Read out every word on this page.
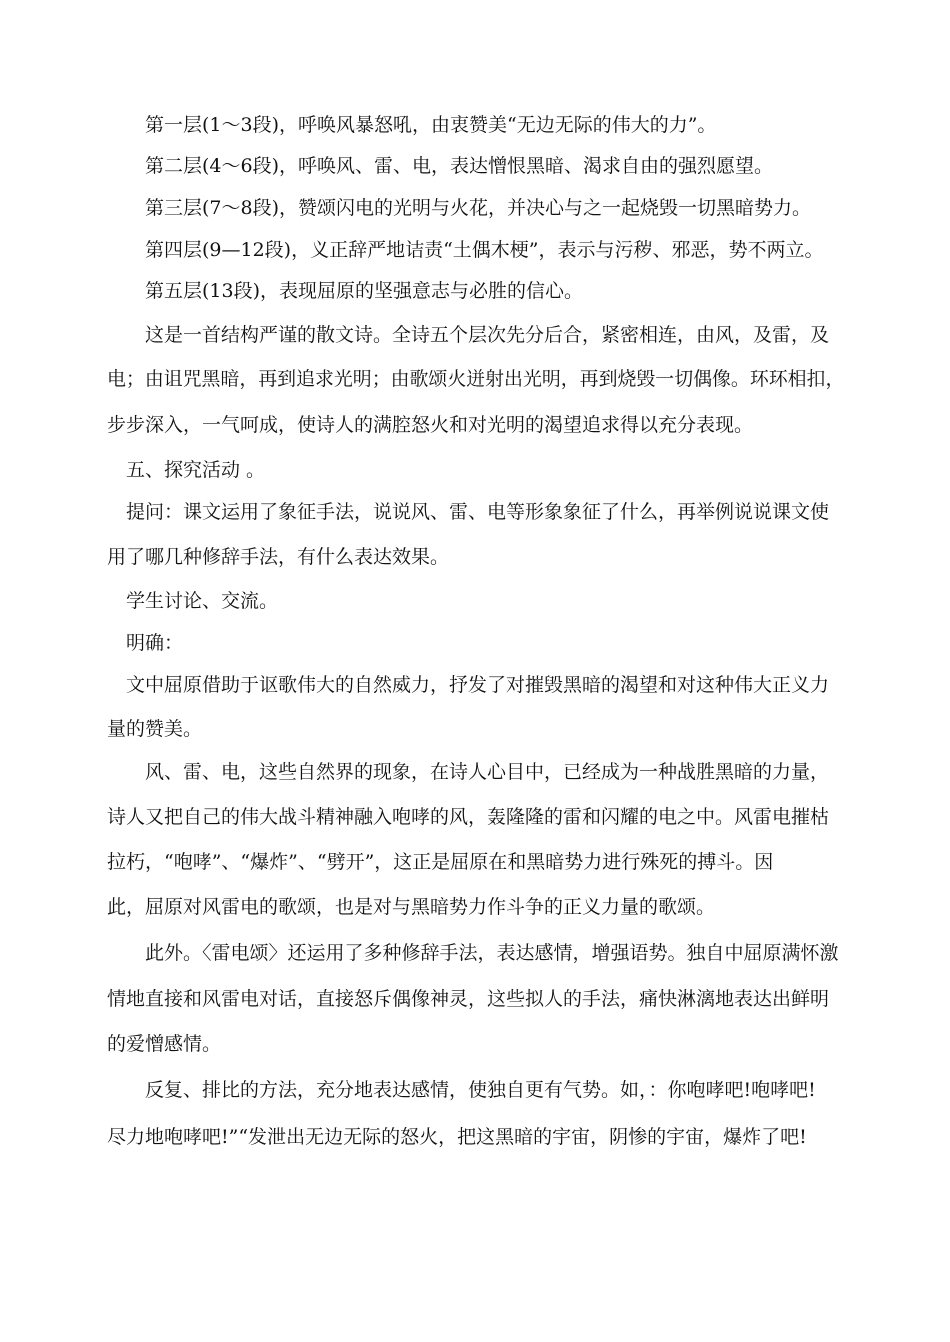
第一层(1～3段)，呼唤风暴怒吼，由衷赞美“无边无际的伟大的力”。
第二层(4～6段)，呼唤风、雷、电，表达憎恨黑暗、渴求自由的强烈愿望。
第三层(7～8段)，赞颂闪电的光明与火花，并决心与之一起烧毁一切黑暗势力。
第四层(9—12段)，义正辞严地诘责“土偶木梗”，表示与污秽、邪恶，势不两立。
第五层(13段)，表现屈原的坚强意志与必胜的信心。
这是一首结构严谨的散文诗。全诗五个层次先分后合，紧密相连，由风，及雷，及
电；由诅咒黑暗，再到追求光明；由歌颂火迸射出光明，再到烧毁一切偶像。环环相扣，
步步深入，一气呵成，使诗人的满腔怒火和对光明的渴望追求得以充分表现。
五、探究活动 。
提问：课文运用了象征手法，说说风、雷、电等形象象征了什么，再举例说说课文使
用了哪几种修辞手法，有什么表达效果。
学生讨论、交流。
明确：
文中屈原借助于讴歌伟大的自然威力，抒发了对摧毁黑暗的渴望和对这种伟大正义力
量的赞美。
风、雷、电，这些自然界的现象，在诗人心目中，已经成为一种战胜黑暗的力量，
诗人又把自己的伟大战斗精神融入咆哮的风，轰隆隆的雷和闪耀的电之中。风雷电摧枯
拉朽，“咆哮”、“爆炸”、“劈开”，这正是屈原在和黑暗势力进行殊死的搏斗。因
此，屈原对风雷电的歌颂，也是对与黑暗势力作斗争的正义力量的歌颂。
此外。〈雷电颂〉还运用了多种修辞手法，表达感情，增强语势。独自中屈原满怀激
情地直接和风雷电对话，直接怒斥偶像神灵，这些拟人的手法，痛快淋漓地表达出鲜明
的爱憎感情。
反复、排比的方法，充分地表达感情，使独自更有气势。如，：你咆哮吧!咆哮吧!
尽力地咆哮吧!”“发泄出无边无际的怒火，把这黑暗的宇宙，阴惨的宇宙，爆炸了吧!
